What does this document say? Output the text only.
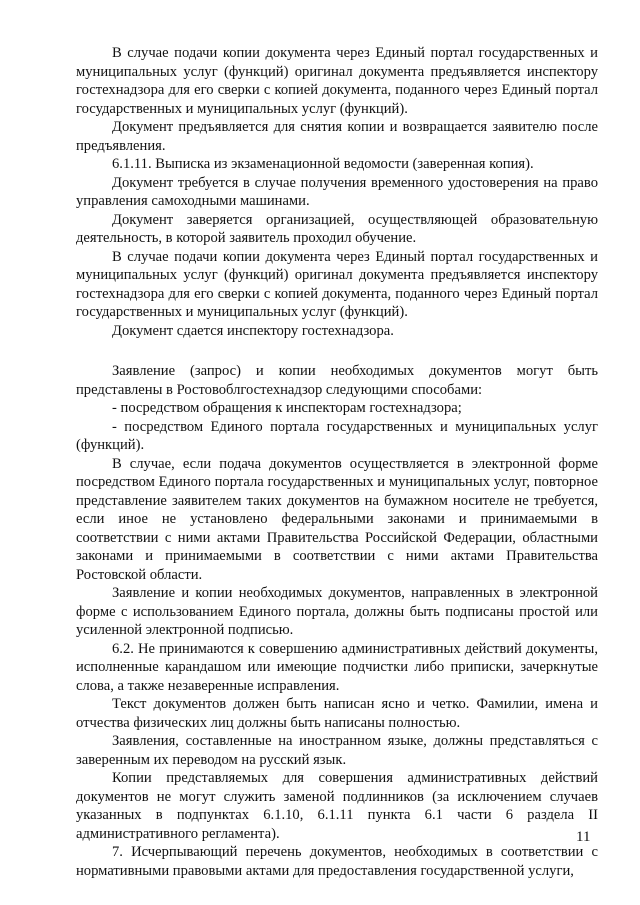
В случае подачи копии документа через Единый портал государственных и муниципальных услуг (функций) оригинал документа предъявляется инспектору гостехнадзора для его сверки с копией документа, поданного через Единый портал государственных и муниципальных услуг (функций).

Документ предъявляется для снятия копии и возвращается заявителю после предъявления.

6.1.11. Выписка из экзаменационной ведомости (заверенная копия).

Документ требуется в случае получения временного удостоверения на право управления самоходными машинами.

Документ заверяется организацией, осуществляющей образовательную деятельность, в которой заявитель проходил обучение.

В случае подачи копии документа через Единый портал государственных и муниципальных услуг (функций) оригинал документа предъявляется инспектору гостехнадзора для его сверки с копией документа, поданного через Единый портал государственных и муниципальных услуг (функций).

Документ сдается инспектору гостехнадзора.

Заявление (запрос) и копии необходимых документов могут быть представлены в Ростовоблгостехнадзор следующими способами:

- посредством обращения к инспекторам гостехнадзора;

- посредством Единого портала государственных и муниципальных услуг (функций).

В случае, если подача документов осуществляется в электронной форме посредством Единого портала государственных и муниципальных услуг, повторное представление заявителем таких документов на бумажном носителе не требуется, если иное не установлено федеральными законами и принимаемыми в соответствии с ними актами Правительства Российской Федерации, областными законами и принимаемыми в соответствии с ними актами Правительства Ростовской области.

Заявление и копии необходимых документов, направленных в электронной форме с использованием Единого портала, должны быть подписаны простой или усиленной электронной подписью.

6.2. Не принимаются к совершению административных действий документы, исполненные карандашом или имеющие подчистки либо приписки, зачеркнутые слова, а также незаверенные исправления.

Текст документов должен быть написан ясно и четко. Фамилии, имена и отчества физических лиц должны быть написаны полностью.

Заявления, составленные на иностранном языке, должны представляться с заверенным их переводом на русский язык.

Копии представляемых для совершения административных действий документов не могут служить заменой подлинников (за исключением случаев указанных в подпунктах 6.1.10, 6.1.11 пункта 6.1 части 6 раздела II административного регламента).

7. Исчерпывающий перечень документов, необходимых в соответствии с нормативными правовыми актами для предоставления государственной услуги,

11
